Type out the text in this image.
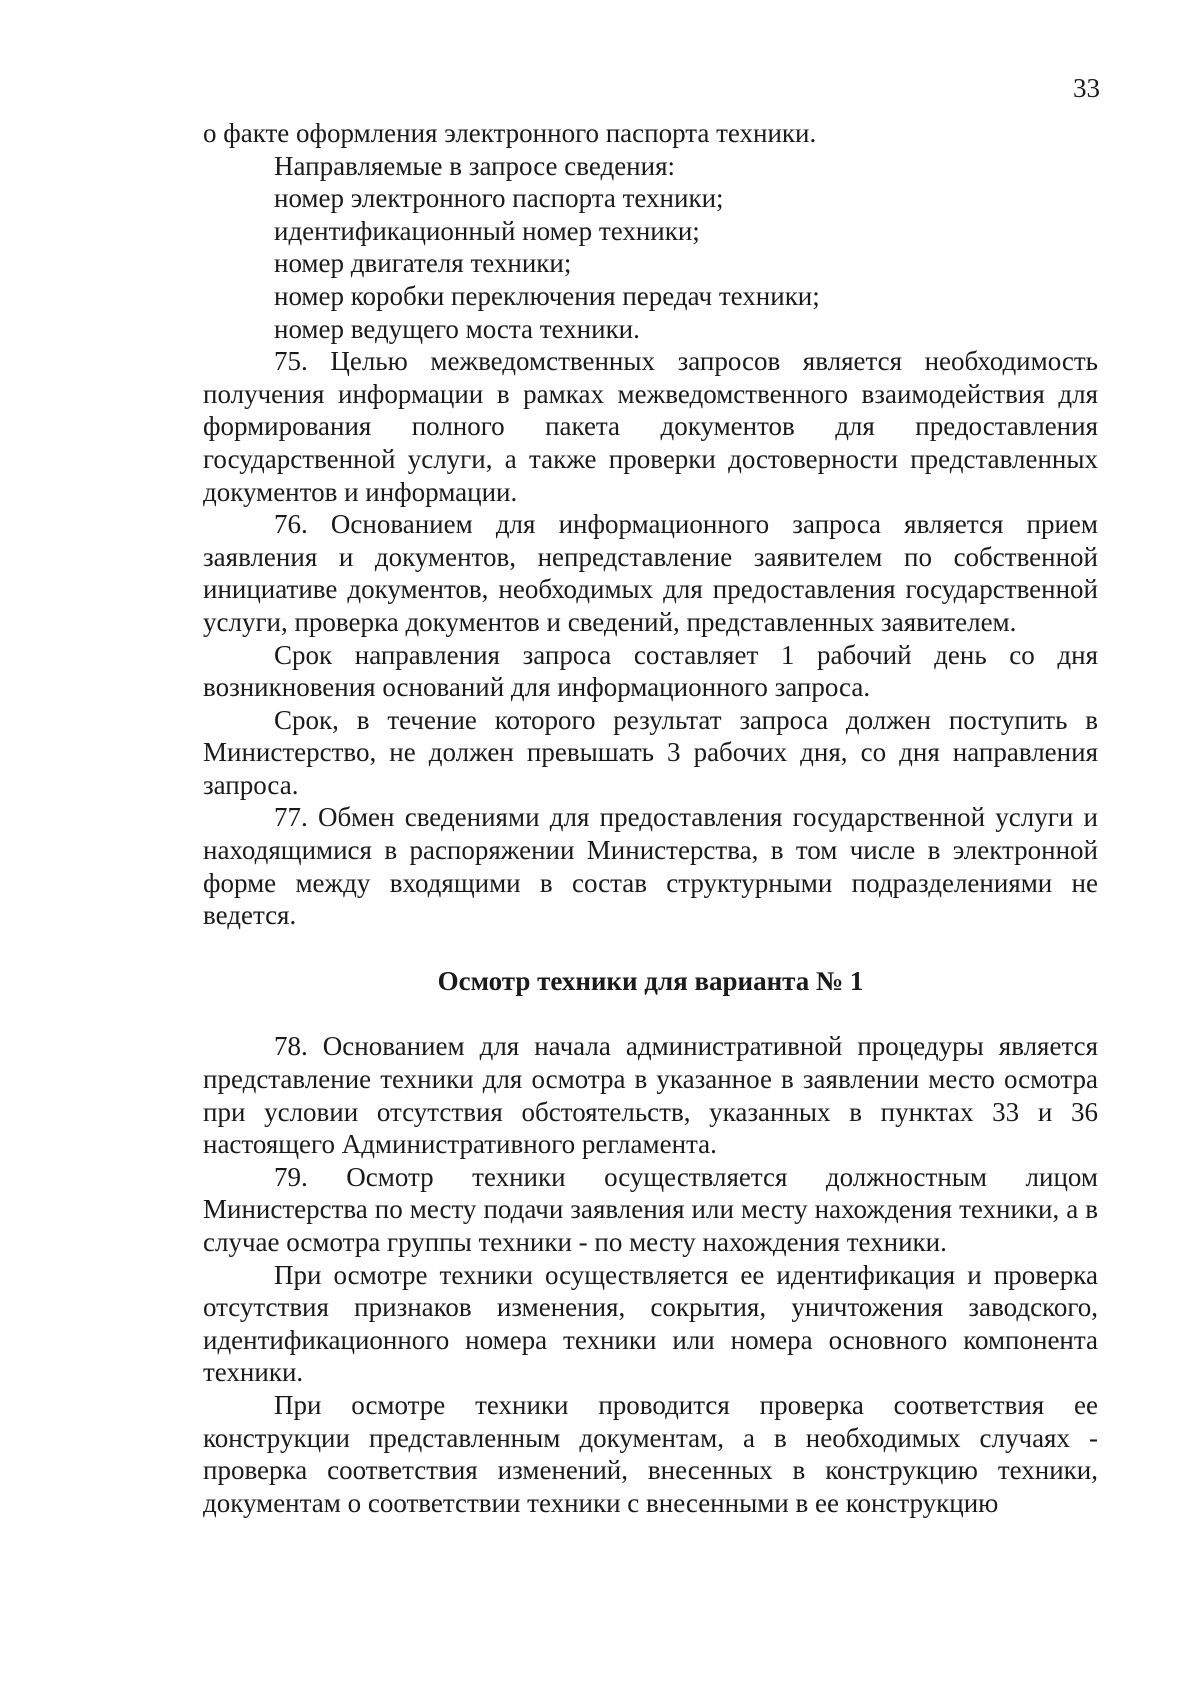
33

о факте оформления электронного паспорта техники.

Направляемые в запросе сведения:

номер электронного паспорта техники;

идентификационный номер техники;

номер двигателя техники;

номер коробки переключения передач техники;

номер ведущего моста техники.

75. Целью межведомственных запросов является необходимость получения информации в рамках межведомственного взаимодействия для формирования полного пакета документов для предоставления государственной услуги, а также проверки достоверности представленных документов и информации.

76. Основанием для информационного запроса является прием заявления и документов, непредставление заявителем по собственной инициативе документов, необходимых для предоставления государственной услуги, проверка документов и сведений, представленных заявителем.

Срок направления запроса составляет 1 рабочий день со дня возникновения оснований для информационного запроса.

Срок, в течение которого результат запроса должен поступить в Министерство, не должен превышать 3 рабочих дня, со дня направления запроса.

77. Обмен сведениями для предоставления государственной услуги и находящимися в распоряжении Министерства, в том числе в электронной форме между входящими в состав структурными подразделениями не ведется.

Осмотр техники для варианта № 1

78. Основанием для начала административной процедуры является представление техники для осмотра в указанное в заявлении место осмотра при условии отсутствия обстоятельств, указанных в пунктах 33 и 36 настоящего Административного регламента.

79. Осмотр техники осуществляется должностным лицом Министерства по месту подачи заявления или месту нахождения техники, а в случае осмотра группы техники - по месту нахождения техники.

При осмотре техники осуществляется ее идентификация и проверка отсутствия признаков изменения, сокрытия, уничтожения заводского, идентификационного номера техники или номера основного компонента техники.

При осмотре техники проводится проверка соответствия ее конструкции представленным документам, а в необходимых случаях - проверка соответствия изменений, внесенных в конструкцию техники, документам о соответствии техники с внесенными в ее конструкцию
